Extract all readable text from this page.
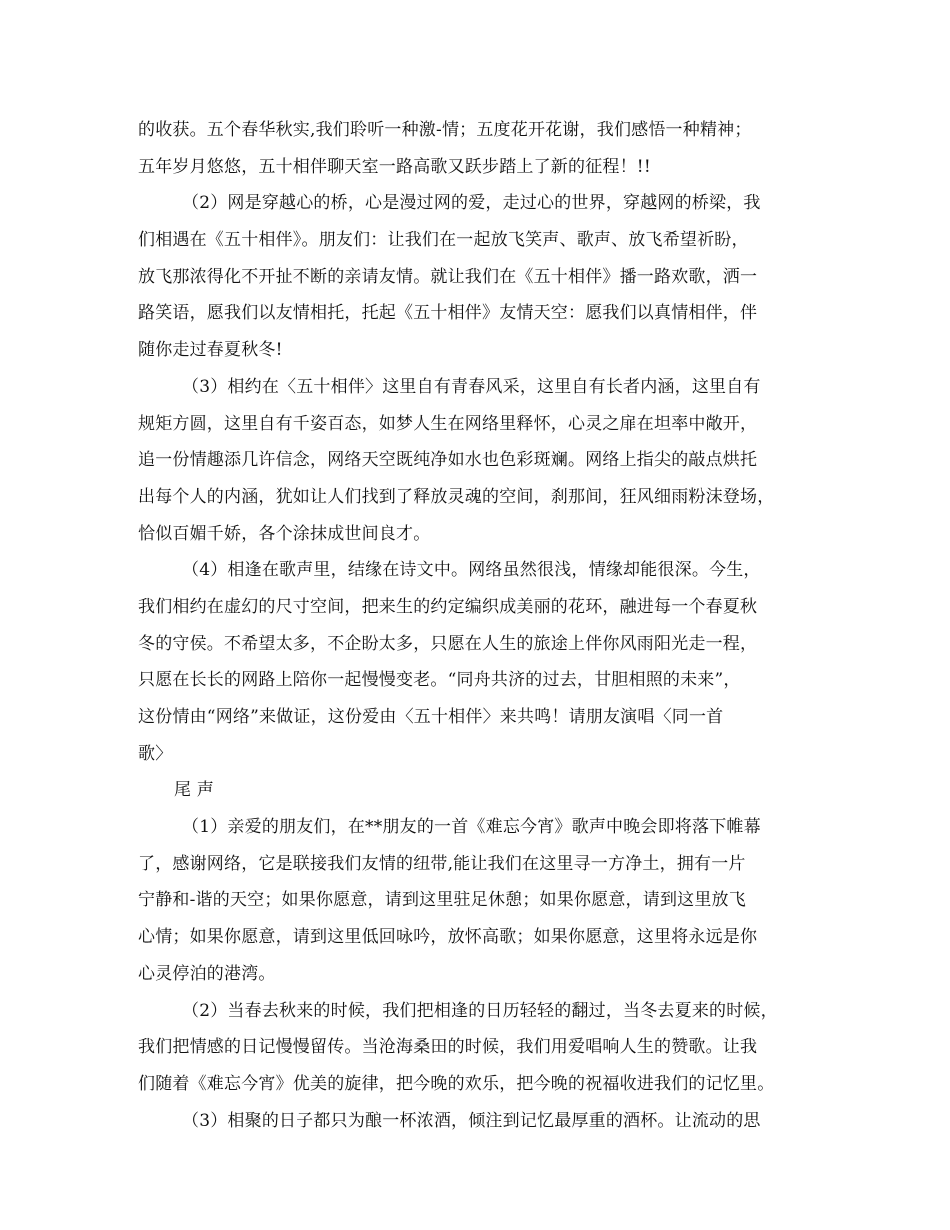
的收获。五个春华秋实,我们聆听一种激-情；五度花开花谢，我们感悟一种精神；
五年岁月悠悠，五十相伴聊天室一路高歌又跃步踏上了新的征程！!!
（2）网是穿越心的桥，心是漫过网的爱，走过心的世界，穿越网的桥梁，我
们相遇在《五十相伴》。朋友们：让我们在一起放飞笑声、歌声、放飞希望祈盼，
放飞那浓得化不开扯不断的亲请友情。就让我们在《五十相伴》播一路欢歌，洒一
路笑语，愿我们以友情相托，托起《五十相伴》友情天空：愿我们以真情相伴，伴
随你走过春夏秋冬!
（3）相约在〈五十相伴〉这里自有青春风采，这里自有长者内涵，这里自有
规矩方圆，这里自有千姿百态，如梦人生在网络里释怀，心灵之扉在坦率中敞开，
追一份情趣添几许信念，网络天空既纯净如水也色彩斑斓。网络上指尖的敲点烘托
出每个人的内涵，犹如让人们找到了释放灵魂的空间，刹那间，狂风细雨粉沫登场，
恰似百媚千娇，各个涂抹成世间良才。
（4）相逢在歌声里，结缘在诗文中。网络虽然很浅，情缘却能很深。今生，
我们相约在虚幻的尺寸空间，把来生的约定编织成美丽的花环，融进每一个春夏秋
冬的守侯。不希望太多，不企盼太多，只愿在人生的旅途上伴你风雨阳光走一程，
只愿在长长的网路上陪你一起慢慢变老。“同舟共济的过去，甘胆相照的未来”，
这份情由“网络”来做证，这份爱由〈五十相伴〉来共鸣！请朋友演唱〈同一首
歌〉
尾 声
（1）亲爱的朋友们，在**朋友的一首《难忘今宵》歌声中晚会即将落下帷幕
了，感谢网络，它是联接我们友情的纽带,能让我们在这里寻一方净土，拥有一片
宁静和-谐的天空；如果你愿意，请到这里驻足休憩；如果你愿意，请到这里放飞
心情；如果你愿意，请到这里低回咏吟，放怀高歌；如果你愿意，这里将永远是你
心灵停泊的港湾。
（2）当春去秋来的时候，我们把相逢的日历轻轻的翻过，当冬去夏来的时候，
我们把情感的日记慢慢留传。当沧海桑田的时候，我们用爱唱响人生的赞歌。让我
们随着《难忘今宵》优美的旋律，把今晚的欢乐，把今晚的祝福收进我们的记忆里。
（3）相聚的日子都只为酿一杯浓酒，倾注到记忆最厚重的酒杯。让流动的思
